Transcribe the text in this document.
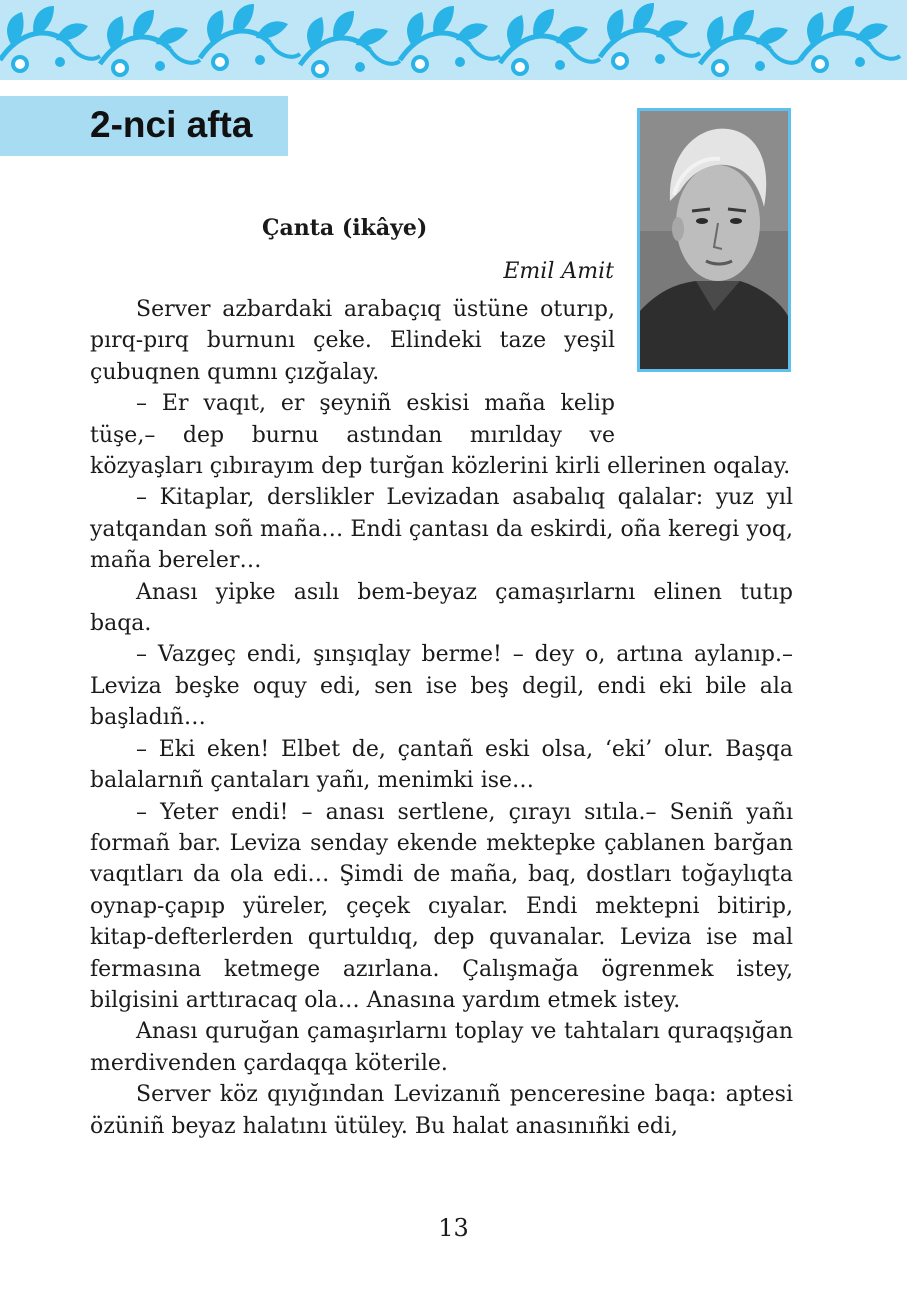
2-nci afta
Çanta (ikâye)
Emil Amit

Server azbardaki arabaçıq üstüne oturıp, pırq-pırq burnunı çeke. Elindeki taze yeşil çubuqnen qumnı çızğalay.

– Er vaqıt, er şeyniñ eskisi maña kelip tüşe,– dep burnu astından mırılday ve közyaşları çıbırayım dep turğan közlerini kirli ellerinen oqalay.

– Kitaplar, derslikler Levizadan asabalıq qalalar: yuz yıl yatqandan soñ maña… Endi çantası da eskirdi, oña keregi yoq, maña bereler…

Anası yipke asılı bem-beyaz çamaşırlarnı elinen tutıp baqa.

– Vazgeç endi, şınşıqlay berme! – dey o, artına aylanıp.– Leviza beşke oquy edi, sen ise beş degil, endi eki bile ala başladıñ…

– Eki eken! Elbet de, çantañ eski olsa, ‘eki’ olur. Başqa balalarnıñ çantaları yañı, menimki ise…

– Yeter endi! – anası sertlene, çırayı sıtıla.– Seniñ yañı formañ bar. Leviza senday ekende mektepke çablanen barğan vaqıtları da ola edi… Şimdi de maña, baq, dostları toğaylıqta oynap-çapıp yüreler, çeçek cıyalar. Endi mektepni bitirip, kitap-defterlerden qurtuldıq, dep quvanalar. Leviza ise mal fermasına ketmege azırlana. Çalışmağa ögrenmek istey, bilgisini arttıracaq ola… Anasına yardım etmek istey.

Anası quruğan çamaşırlarnı toplay ve tahtaları quraqşığan merdivenden çardaqqa köterile.

Server köz qıyığından Levizanıñ penceresine baqa: aptesi özüniñ beyaz halatını ütüley. Bu halat anasınıñki edi,

13
